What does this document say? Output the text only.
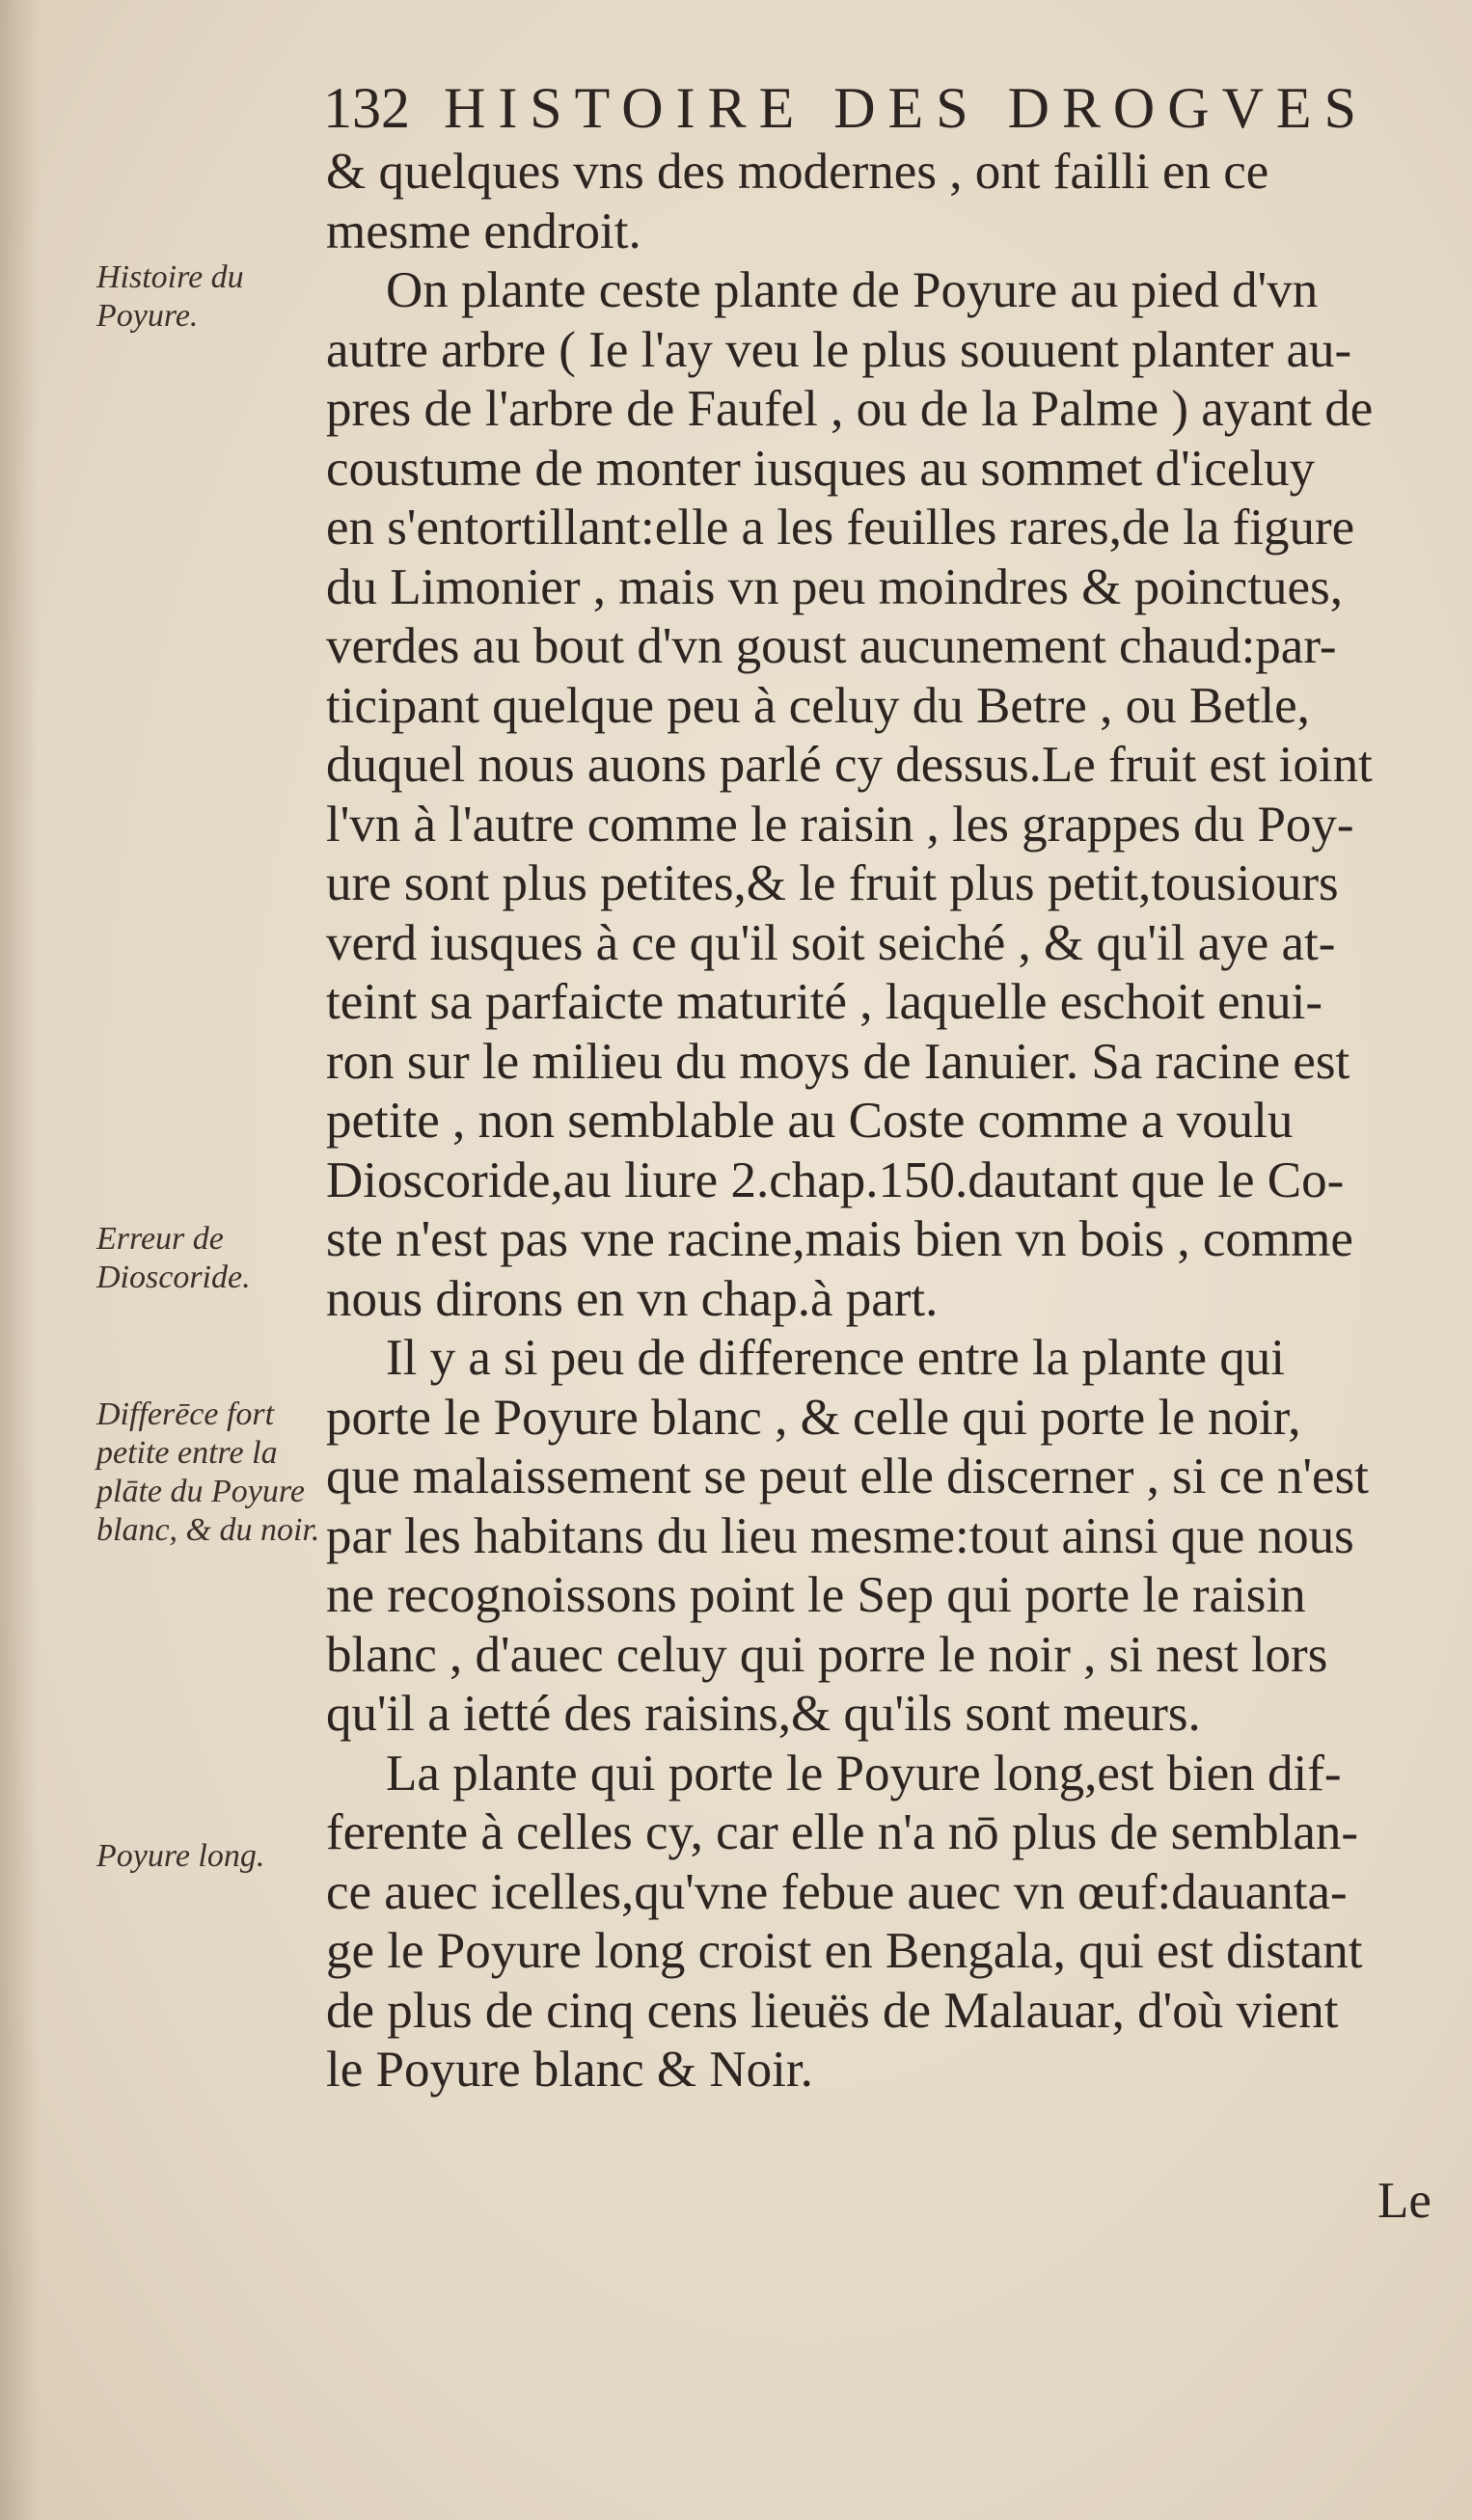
132 HISTOIRE DES DROGVES
Histoire du Poyure.
Erreur de Dioscoride.
Differēce fort petite entre la plāte du Poyure blanc, & du noir.
Poyure long.
& quelques vns des modernes , ont failli en ce
mesme endroit.
On plante ceste plante de Poyure au pied d'vn
autre arbre ( Ie l'ay veu le plus souuent planter au-
pres de l'arbre de Faufel , ou de la Palme ) ayant de
coustume de monter iusques au sommet d'iceluy
en s'entortillant:elle a les feuilles rares,de la figure
du Limonier , mais vn peu moindres & poinctues,
verdes au bout d'vn goust aucunement chaud:par-
ticipant quelque peu à celuy du Betre , ou Betle,
duquel nous auons parlé cy dessus.Le fruit est ioint
l'vn à l'autre comme le raisin , les grappes du Poy-
ure sont plus petites,& le fruit plus petit,tousiours
verd iusques à ce qu'il soit seiché , & qu'il aye at-
teint sa parfaicte maturité , laquelle eschoit enui-
ron sur le milieu du moys de Ianuier. Sa racine est
petite , non semblable au Coste comme a voulu
Dioscoride,au liure 2.chap.150.dautant que le Co-
ste n'est pas vne racine,mais bien vn bois , comme
nous dirons en vn chap.à part.
Il y a si peu de difference entre la plante qui
porte le Poyure blanc , & celle qui porte le noir,
que malaissement se peut elle discerner , si ce n'est
par les habitans du lieu mesme:tout ainsi que nous
ne recognoissons point le Sep qui porte le raisin
blanc , d'auec celuy qui porre le noir , si nest lors
qu'il a ietté des raisins,& qu'ils sont meurs.
La plante qui porte le Poyure long,est bien dif-
ferente à celles cy, car elle n'a nō plus de semblan-
ce auec icelles,qu'vne febue auec vn œuf:dauanta-
ge le Poyure long croist en Bengala, qui est distant
de plus de cinq cens lieuës de Malauar, d'où vient
le Poyure blanc & Noir.
Le
